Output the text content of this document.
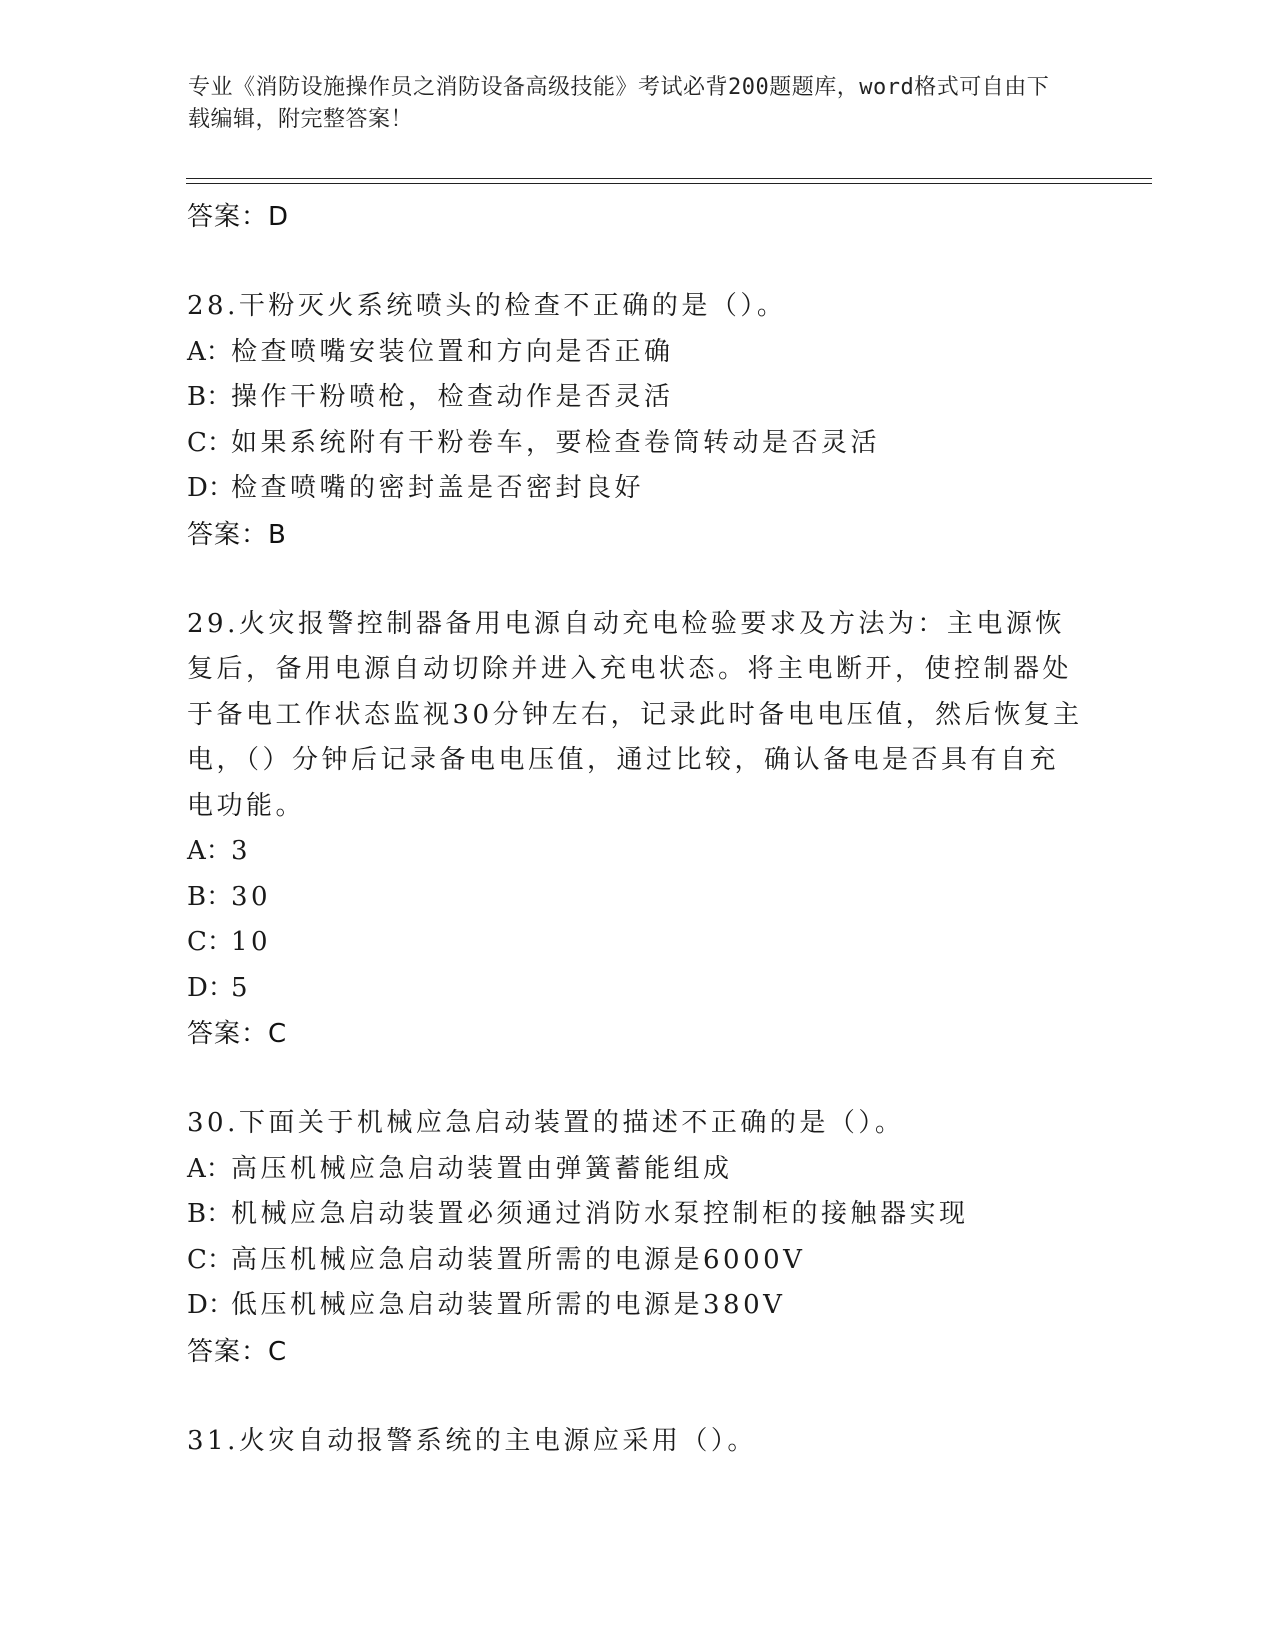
专业《消防设施操作员之消防设备高级技能》考试必背200题题库，word格式可自由下载编辑，附完整答案！

答案：D

28.干粉灭火系统喷头的检查不正确的是（）。

A：检查喷嘴安装位置和方向是否正确

B：操作干粉喷枪，检查动作是否灵活

C：如果系统附有干粉卷车，要检查卷筒转动是否灵活

D：检查喷嘴的密封盖是否密封良好

答案：B

29.火灾报警控制器备用电源自动充电检验要求及方法为：主电源恢复后，备用电源自动切除并进入充电状态。将主电断开，使控制器处于备电工作状态监视30分钟左右，记录此时备电电压值，然后恢复主电，（）分钟后记录备电电压值，通过比较，确认备电是否具有自充电功能。

A：3

B：30

C：10

D：5

答案：C

30.下面关于机械应急启动装置的描述不正确的是（）。

A：高压机械应急启动装置由弹簧蓄能组成

B：机械应急启动装置必须通过消防水泵控制柜的接触器实现

C：高压机械应急启动装置所需的电源是6000V

D：低压机械应急启动装置所需的电源是380V

答案：C

31.火灾自动报警系统的主电源应采用（）。
